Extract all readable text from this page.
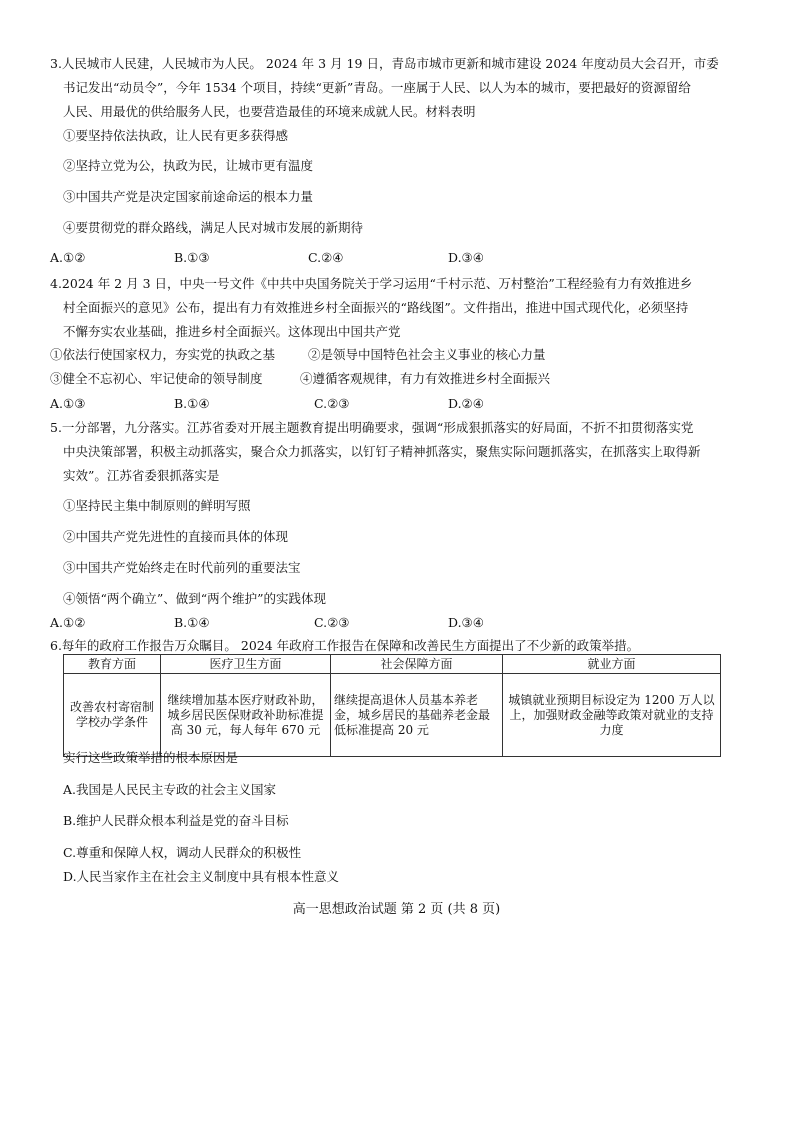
3.人民城市人民建，人民城市为人民。 2024 年 3 月 19 日，青岛市城市更新和城市建设 2024 年度动员大会召开，市委
书记发出“动员令”，今年 1534 个项目，持续“更新”青岛。一座属于人民、以人为本的城市，要把最好的资源留给
人民、用最优的供给服务人民，也要营造最佳的环境来成就人民。材料表明
①要坚持依法执政，让人民有更多获得感
②坚持立党为公，执政为民，让城市更有温度
③中国共产党是决定国家前途命运的根本力量
④要贯彻党的群众路线，满足人民对城市发展的新期待
A.①②	B.①③	C.②④	D.③④
4.2024 年 2 月 3 日，中央一号文件《中共中央国务院关于学习运用“千村示范、万村整治”工程经验有力有效推进乡
村全面振兴的意见》公布，提出有力有效推进乡村全面振兴的“路线图”。文件指出，推进中国式现代化，必须坚持
不懈夯实农业基础，推进乡村全面振兴。这体现出中国共产党
①依法行使国家权力，夯实党的执政之基	②是领导中国特色社会主义事业的核心力量
③健全不忘初心、牢记使命的领导制度	④遵循客观规律，有力有效推进乡村全面振兴
A.①③	B.①④	C.②③	D.②④
5.一分部署，九分落实。江苏省委对开展主题教育提出明确要求，强调“形成狠抓落实的好局面，不折不扣贯彻落实党
中央決策部署，积极主动抓落实，聚合众力抓落实，以钉钉子精神抓落实，聚焦实际问题抓落实，在抓落实上取得新
实效”。江苏省委狠抓落实是
①坚持民主集中制原则的鲜明写照
②中国共产党先进性的直接而具体的体现
③中国共产党始终走在时代前列的重要法宝
④领悟“两个确立”、做到“两个维护”的实践体现
A.①②	B.①④	C.②③	D.③④
6.每年的政府工作报告万众瞩目。 2024 年政府工作报告在保障和改善民生方面提出了不少新的政策举措。
教育方面	医疗卫生方面	社会保障方面	就业方面
改善农村寄宿制学校办学条件	继续增加基本医疗财政补助，城乡居民医保财政补助标准提高 30 元，每人每年 670 元	继续提高退休人员基本养老金，城乡居民的基础养老金最低标准提高 20 元	城镇就业预期目标设定为 1200 万人以上，加强财政金融等政策对就业的支持力度
实行这些政策举措的根本原因是
A.我国是人民民主专政的社会主义国家
B.维护人民群众根本利益是党的奋斗目标
C.尊重和保障人权，调动人民群众的积极性
D.人民当家作主在社会主义制度中具有根本性意义
高一思想政治试题 第 2 页 (共 8 页)
